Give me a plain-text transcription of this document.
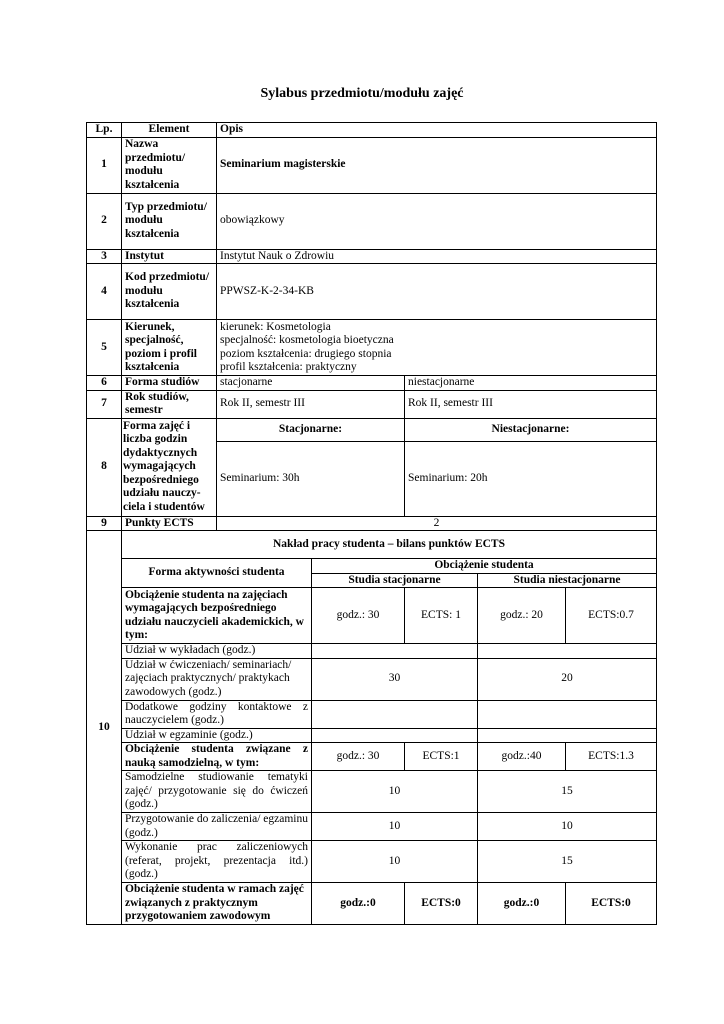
Sylabus przedmiotu/modułu zajęć
Lp.	Element	Opis				
1	Nazwa przedmiotu/ modułu kształcenia	Seminarium magisterskie				
2	Typ przedmiotu/ modułu kształcenia	obowiązkowy				
3	Instytut	Instytut Nauk o Zdrowiu				
4	Kod przedmiotu/ modułu kształcenia	PPWSZ-K-2-34-KB				
5	Kierunek, specjalność, poziom i profil kształcenia	kierunek: Kosmetologia
specjalność: kosmetologia bioetyczna
poziom kształcenia: drugiego stopnia
profil kształcenia: praktyczny				
6	Forma studiów	stacjonarne		niestacjonarne		
7	Rok studiów, semestr	Rok II, semestr III		Rok II, semestr III		
8	Forma zajęć i liczba godzin dydaktycznych wymagających bezpośredniego udziału nauczy-ciela i studentów	Stacjonarne:		Niestacjonarne:		
		Seminarium: 30h		Seminarium: 20h		
9	Punkty ECTS	2				
10	Nakład pracy studenta – bilans punktów ECTS					
	Forma aktywności studenta		Obciążenie studenta			
			Studia stacjonarne		Studia niestacjonarne	
	Obciążenie studenta na zajęciach wymagających bezpośredniego udziału nauczycieli akademickich, w tym:		godz.: 30	ECTS: 1	godz.: 20	ECTS:0.7
	Udział w wykładach (godz.)					
	Udział w ćwiczeniach/ seminariach/ zajęciach praktycznych/ praktykach zawodowych (godz.)		30		20	
	Dodatkowe godziny kontaktowe z nauczycielem (godz.)					
	Udział w egzaminie (godz.)					
	Obciążenie studenta związane z nauką samodzielną, w tym:		godz.: 30	ECTS:1	godz.:40	ECTS:1.3
	Samodzielne studiowanie tematyki zajęć/ przygotowanie się do ćwiczeń (godz.)		10		15	
	Przygotowanie do zaliczenia/ egzaminu (godz.)		10		10	
	Wykonanie prac zaliczeniowych (referat, projekt, prezentacja itd.) (godz.)		10		15	
	Obciążenie studenta w ramach zajęć związanych z praktycznym przygotowaniem zawodowym		godz.:0	ECTS:0	godz.:0	ECTS:0
